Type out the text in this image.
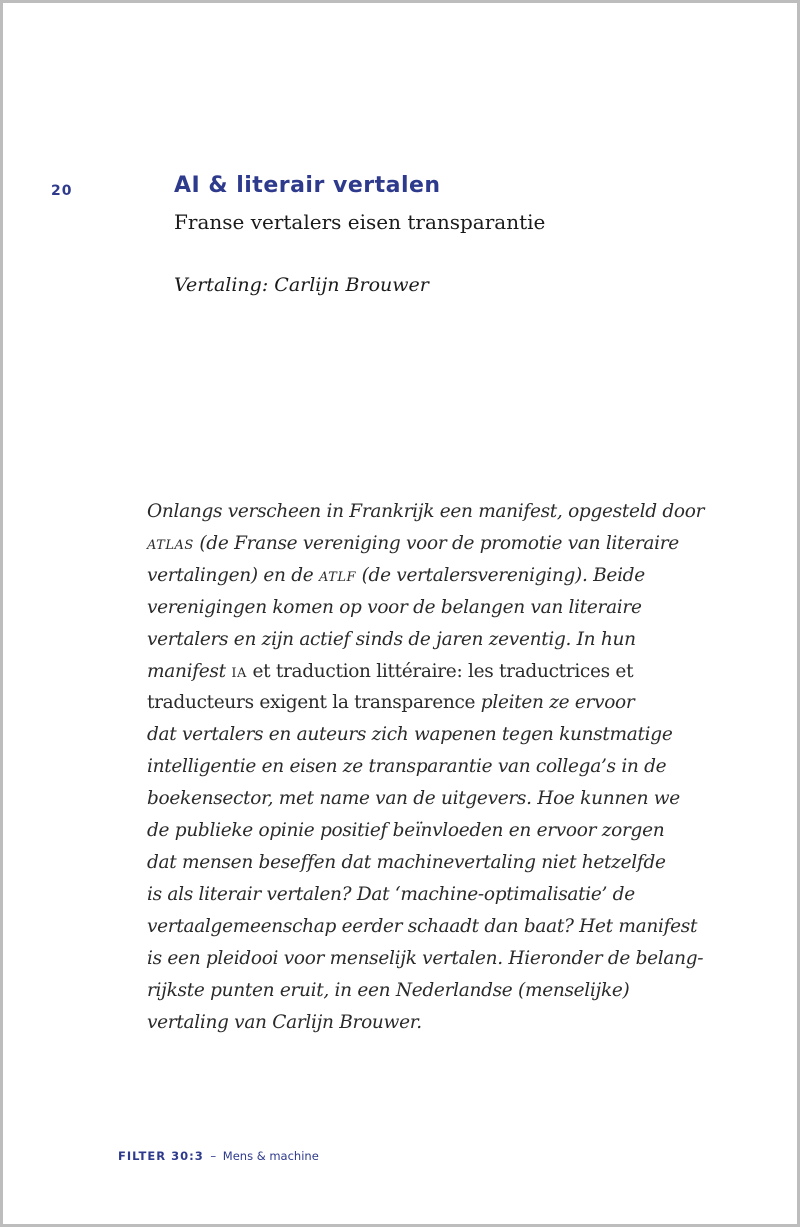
20	AI & literair vertalen
Franse vertalers eisen transparantie
Vertaling: Carlijn Brouwer
Onlangs verscheen in Frankrijk een manifest, opgesteld door
atlas (de Franse vereniging voor de promotie van literaire
vertalingen) en de atlf (de vertalersvereniging). Beide
verenigingen komen op voor de belangen van literaire
vertalers en zijn actief sinds de jaren zeventig. In hun
manifest ia et traduction littéraire: les traductrices et
traducteurs exigent la transparence pleiten ze ervoor
dat vertalers en auteurs zich wapenen tegen kunstmatige
intelligentie en eisen ze transparantie van collega’s in de
boekensector, met name van de uitgevers. Hoe kunnen we
de publieke opinie positief beïnvloeden en ervoor zorgen
dat mensen beseffen dat machinevertaling niet hetzelfde
is als literair vertalen? Dat ‘machine-optimalisatie’ de
vertaalgemeenschap eerder schaadt dan baat? Het manifest
is een pleidooi voor menselijk vertalen. Hieronder de belang-
rijkste punten eruit, in een Nederlandse (menselijke)
vertaling van Carlijn Brouwer.
FILTER 30:3 – Mens & machine
